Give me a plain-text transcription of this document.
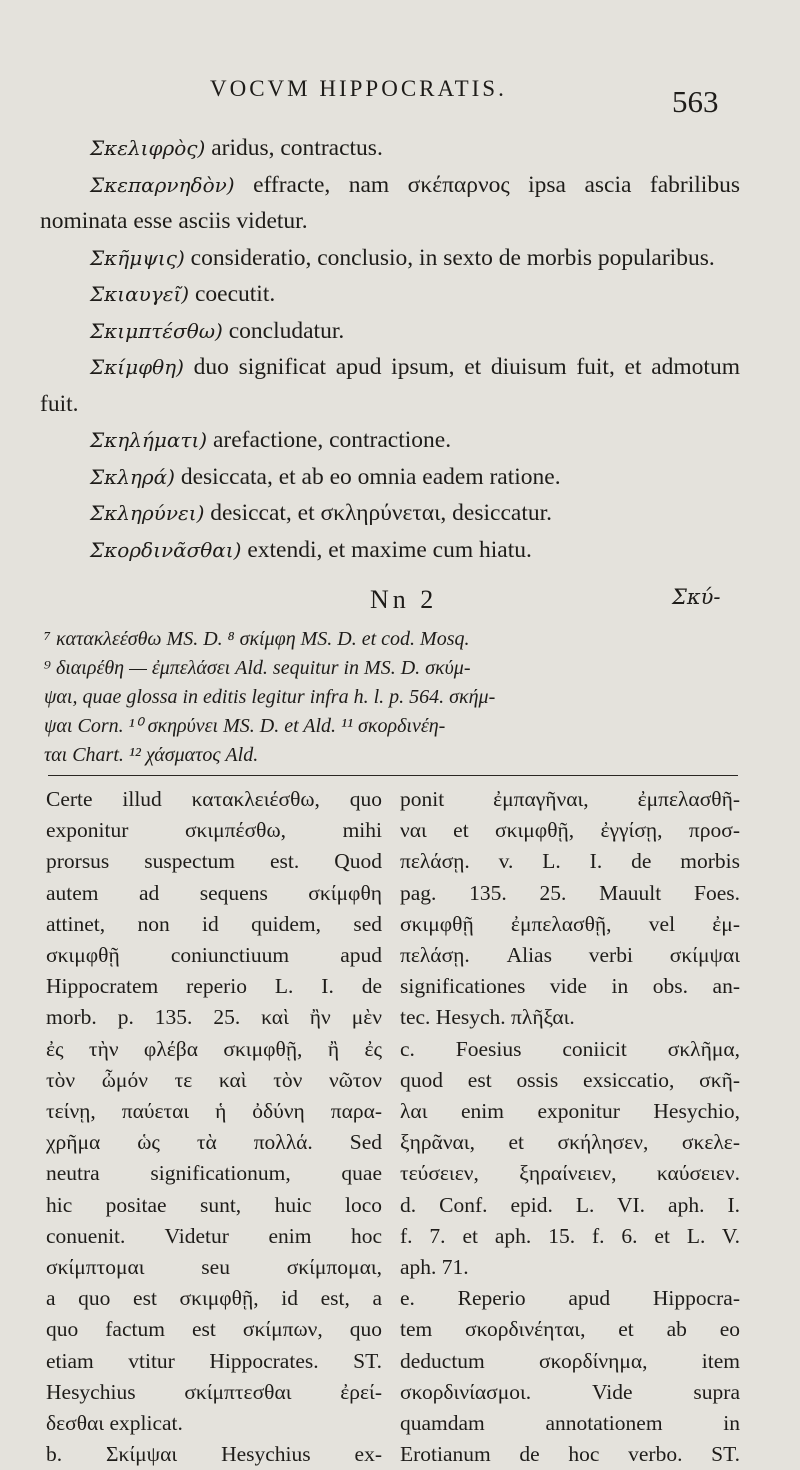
VOCVM HIPPOCRATIS.	563

Σκελιφρὸς) aridus, contractus.

Σκεπαρνηδὸν) effracte, nam σκέπαρνος ipsa ascia fabrilibus nominata esse asciis videtur.

Σκῆμψις) consideratio, conclusio, in sexto de morbis popularibus.

Σκιαυγεῖ) coecutit.

Σκιμπτέσθω) concludatur.

Σκίμφθη) duo significat apud ipsum, et diuisum fuit, et admotum fuit.

Σκηλήματι) arefactione, contractione.

Σκληρά) desiccata, et ab eo omnia eadem ratione.

Σκληρύνει) desiccat, et σκληρύνεται, desiccatur.

Σκορδινᾶσθαι) extendi, et maxime cum hiatu.

Nn 2	Σκύ-
⁷ κατακλεέσθω MS. D. ⁸ σκίμφη MS. D. et cod. Mosq.
⁹ διαιρέθη — ἐμπελάσει Ald. sequitur in MS. D. σκύμ-
ψαι, quae glossa in editis legitur infra h. l. p. 564. σκήμ-
ψαι Corn. ¹⁰ σκηρύνει MS. D. et Ald. ¹¹ σκορδινέη-
ται Chart. ¹² χάσματος Ald.
Certe illud κατακλειέσθω, quo
exponitur σκιμπέσθω, mihi
prorsus suspectum est. Quod
autem ad sequens σκίμφθη
attinet, non id quidem, sed
σκιμφθῇ coniunctiuum apud
Hippocratem reperio L. I. de
morb. p. 135. 25. καὶ ἢν μὲν
ἐς τὴν φλέβα σκιμφθῇ, ἢ ἐς
τὸν ὦμόν τε καὶ τὸν νῶτον
τείνῃ, παύεται ἡ ὀδύνη παρα-
χρῆμα ὡς τὰ πολλά. Sed
neutra significationum, quae
hic positae sunt, huic loco
conuenit. Videtur enim hoc
σκίμπτομαι seu σκίμπομαι,
a quo est σκιμφθῇ, id est, a
quo factum est σκίμπων, quo
etiam vtitur Hippocrates. ST.
Hesychius σκίμπτεσθαι ἐρεί-
δεσθαι explicat.
b. Σκίμψαι Hesychius ex-
ponit ἐμπαγῆναι, ἐμπελασθῆ-
ναι et σκιμφθῇ, ἐγγίσῃ, προσ-
πελάσῃ. v. L. I. de morbis
pag. 135. 25. Mauult Foes.
σκιμφθῇ ἐμπελασθῇ, vel ἐμ-
πελάσῃ. Alias verbi σκίμψαι
significationes vide in obs. an-
tec. Hesych. πλῆξαι.
c. Foesius coniicit σκλῆμα,
quod est ossis exsiccatio, σκῆ-
λαι enim exponitur Hesychio,
ξηρᾶναι, et σκήλησεν, σκελε-
τεύσειεν, ξηραίνειεν, καύσειεν.
d. Conf. epid. L. VI. aph. I.
f. 7. et aph. 15. f. 6. et L. V.
aph. 71.
e. Reperio apud Hippocra-
tem σκορδινέηται, et ab eo
deductum σκορδίνημα, item
σκορδινίασμοι. Vide supra
quamdam annotationem in
Erotianum de hoc verbo. ST.
